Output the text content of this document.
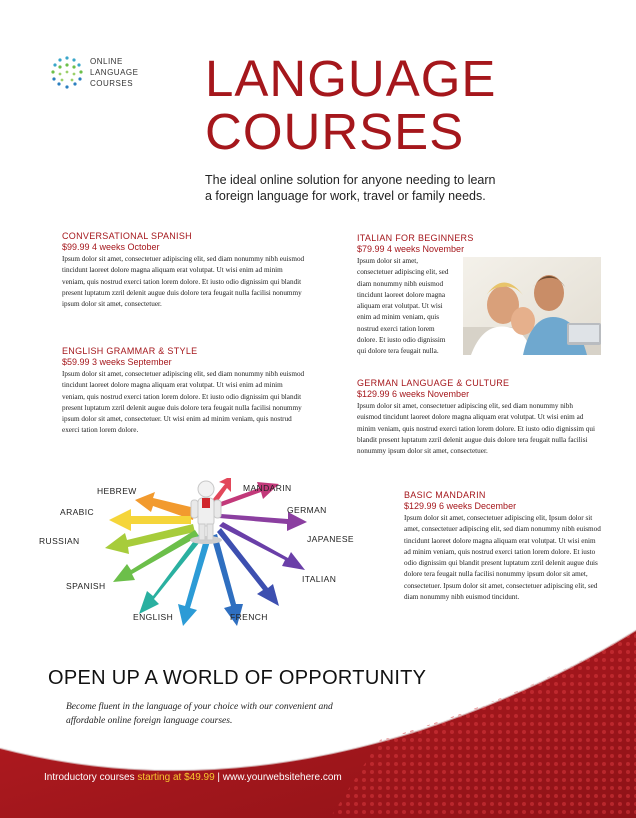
ONLINE
LANGUAGE
COURSES LANGUAGE
COURSES
The ideal online solution for anyone needing to learn a foreign language for work, travel or family needs.
CONVERSATIONAL SPANISH
$99.99 4 weeks October

Ipsum dolor sit amet, consectetuer adipiscing elit, sed diam nonummy nibh euismod tincidunt laoreet dolore magna aliquam erat volutpat. Ut wisi enim ad minim veniam, quis nostrud exerci tation lorem dolore. Et iusto odio dignissim qui blandit present luptatum zzril delenit augue duis dolore tera feugait nulla facilisi nonummy ipsum dolor sit amet, consectetuer.

ENGLISH GRAMMAR & STYLE
$59.99 3 weeks September

Ipsum dolor sit amet, consectetuer adipiscing elit, sed diam nonummy nibh euismod tincidunt laoreet dolore magna aliquam erat volutpat. Ut wisi enim ad minim veniam, quis nostrud exerci tation lorem dolore. Et iusto odio dignissim qui blandit present luptatum zzril delenit augue duis dolore tera feugait nulla facilisi nonummy ipsum dolor sit amet, consectetuer. Ut wisi enim ad minim veniam, quis nostrud exerci tation lorem dolore.

ITALIAN FOR BEGINNERS
$79.99 4 weeks November

Ipsum dolor sit amet, consectetuer adipiscing elit, sed diam nonummy nibh euismod tincidunt laoreet dolore magna aliquam erat volutpat. Ut wisi enim ad minim veniam, quis nostrud exerci tation lorem dolore. Et iusto odio dignissim qui dolore tera feugait nulla.

GERMAN LANGUAGE & CULTURE
$129.99 6 weeks November

Ipsum dolor sit amet, consectetuer adipiscing elit, sed diam nonummy nibh euismod tincidunt laoreet dolore magna aliquam erat volutpat. Ut wisi enim ad minim veniam, quis nostrud exerci tation lorem dolore. Et iusto odio dignissim qui blandit present luptatum zzril delenit augue duis dolore tera feugait nulla facilisi nonummy ipsum dolor sit amet, consectetuer.

BASIC MANDARIN
$129.99 6 weeks December

Ipsum dolor sit amet, consectetuer adipiscing elit, Ipsum dolor sit amet, consectetuer adipiscing elit, sed diam nonummy nibh euismod tincidunt laoreet dolore magna aliquam erat volutpat. Ut wisi enim ad minim veniam, quis nostrud exerci tation lorem dolore. Et iusto odio dignissim qui blandit present luptatum zzril delenit augue duis dolore tera feugait nulla facilisi nonummy ipsum dolor sit amet, consectetuer. Ipsum dolor sit amet, consectetuer adipiscing elit, sed diam nonummy nibh euismod tincidunt.

HEBREW	MANDARIN
ARABIC	GERMAN
RUSSIAN	JAPANESE
SPANISH
ITALIAN
ENGLISH	FRENCH
OPEN UP A WORLD OF OPPORTUNITY
Become fluent in the language of your choice with our convenient and affordable online foreign language courses.
Introductory courses starting at $49.99 | www.yourwebsitehere.com
